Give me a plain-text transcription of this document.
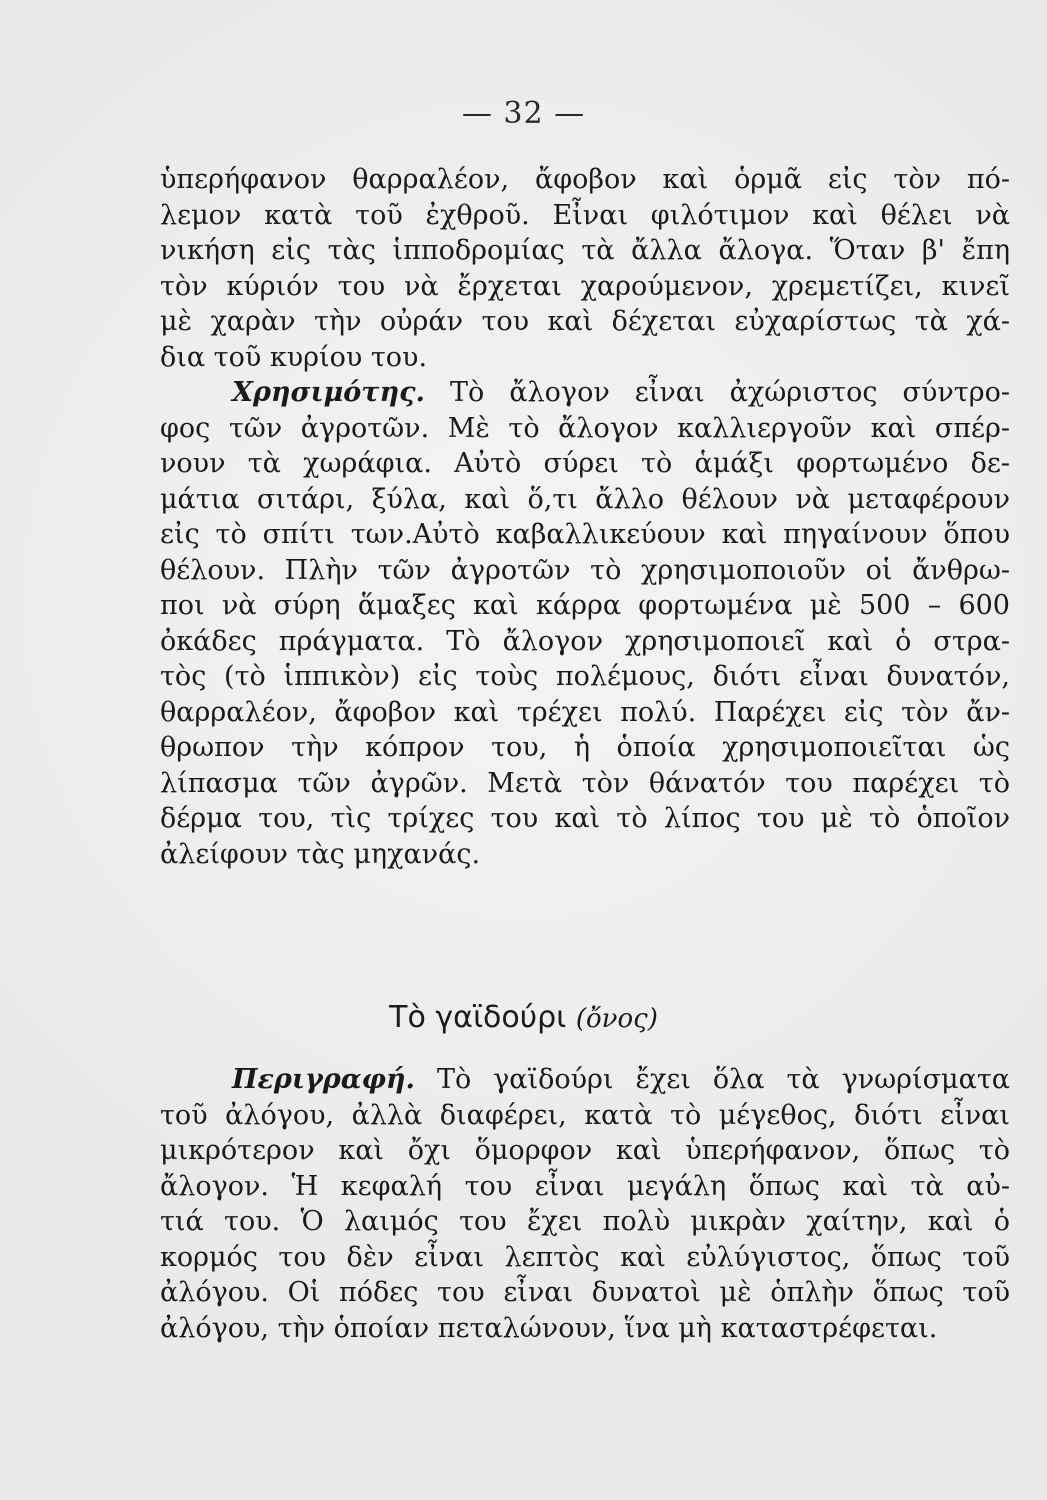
— 32 —
ὑπερήφανον θαρραλέον, ἄφοβον καὶ ὁρμᾶ εἰς τὸν πό-
λεμον κατὰ τοῦ ἐχθροῦ. Εἶναι φιλότιμον καὶ θέλει νὰ
νικήση εἰς τὰς ἱπποδρομίας τὰ ἄλλα ἄλογα. Ὅταν β' ἔπη
τὸν κύριόν του νὰ ἔρχεται χαρούμενον, χρεμετίζει, κινεῖ
μὲ χαρὰν τὴν οὐράν του καὶ δέχεται εὐχαρίστως τὰ χά-
δια τοῦ κυρίου του.
Χρησιμότης. Τὸ ἄλογον εἶναι ἀχώριστος σύντρο-
φος τῶν ἀγροτῶν. Μὲ τὸ ἄλογον καλλιεργοῦν καὶ σπέρ-
νουν τὰ χωράφια. Αὐτὸ σύρει τὸ ἁμάξι φορτωμένο δε-
μάτια σιτάρι, ξύλα, καὶ ὅ,τι ἄλλο θέλουν νὰ μεταφέρουν
εἰς τὸ σπίτι των.Αὐτὸ καβαλλικεύουν καὶ πηγαίνουν ὅπου
θέλουν. Πλὴν τῶν ἀγροτῶν τὸ χρησιμοποιοῦν οἱ ἄνθρω-
ποι νὰ σύρη ἅμαξες καὶ κάρρα φορτωμένα μὲ 500 – 600
ὀκάδες πράγματα. Τὸ ἄλογον χρησιμοποιεῖ καὶ ὁ στρα-
τὸς (τὸ ἱππικὸν) εἰς τοὺς πολέμους, διότι εἶναι δυνατόν,
θαρραλέον, ἄφοβον καὶ τρέχει πολύ. Παρέχει εἰς τὸν ἄν-
θρωπον τὴν κόπρον του, ἡ ὁποία χρησιμοποιεῖται ὡς
λίπασμα τῶν ἀγρῶν. Μετὰ τὸν θάνατόν του παρέχει τὸ
δέρμα του, τὶς τρίχες του καὶ τὸ λίπος του μὲ τὸ ὁποῖον
ἀλείφουν τὰς μηχανάς.
Τὸ γαϊδούρι (ὄνος)
Περιγραφή. Τὸ γαϊδούρι ἔχει ὅλα τὰ γνωρίσματα
τοῦ ἀλόγου, ἀλλὰ διαφέρει, κατὰ τὸ μέγεθος, διότι εἶναι
μικρότερον καὶ ὄχι ὅμορφον καὶ ὑπερήφανον, ὅπως τὸ
ἄλογον. Ἡ κεφαλή του εἶναι μεγάλη ὅπως καὶ τὰ αὐ-
τιά του. Ὁ λαιμός του ἔχει πολὺ μικρὰν χαίτην, καὶ ὁ
κορμός του δὲν εἶναι λεπτὸς καὶ εὐλύγιστος, ὅπως τοῦ
ἀλόγου. Οἱ πόδες του εἶναι δυνατοὶ μὲ ὁπλὴν ὅπως τοῦ
ἀλόγου, τὴν ὁποίαν πεταλώνουν, ἵνα μὴ καταστρέφεται.
